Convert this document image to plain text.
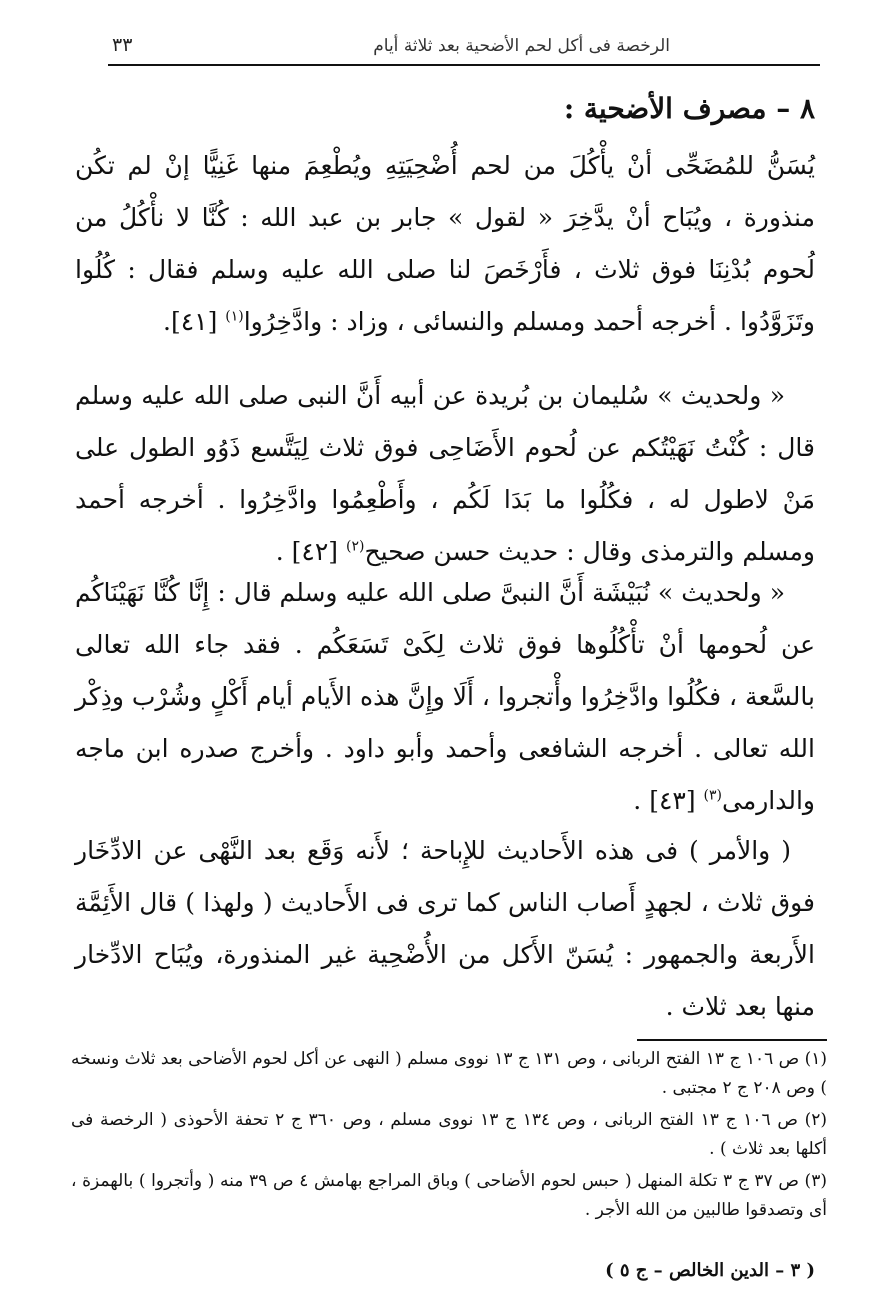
الرخصة فى أكل لحم الأضحية بعد ثلاثة أيام
٣٣
٨ – مصرف الأضحية :

يُسَنُّ للمُضَحِّى أنْ يأْكُلَ من لحم أُضْحِيَتِهِ ويُطْعِمَ منها غَنِيًّا إنْ لم تكُن منذورة ، ويُبَاح أنْ يدَّخِرَ « لقول » جابر بن عبد الله : كُنَّا لا نأْكُلُ من لُحوم بُدْنِنَا فوق ثلاث ، فأَرْخَصَ لنا صلى الله عليه وسلم فقال : كُلُوا وتَزَوَّدُوا . أخرجه أحمد ومسلم والنسائى ، وزاد : وادَّخِرُوا$^{(١)}$ [٤١].

« ولحديث » سُليمان بن بُريدة عن أبيه أَنَّ النبى صلى الله عليه وسلم قال : كُنْتُ نَهَيْتُكم عن لُحوم الأَضَاحِى فوق ثلاث لِيَتَّسع ذَوُو الطول على مَنْ لاطول له ، فكُلُوا ما بَدَا لَكُم ، وأَطْعِمُوا وادَّخِرُوا . أخرجه أحمد ومسلم والترمذى وقال : حديث حسن صحيح$^{(٢)}$ [٤٢] .

« ولحديث » نُبَيْشَة أَنَّ النبىَّ صلى الله عليه وسلم قال : إِنَّا كُنَّا نَهَيْنَاكُم عن لُحومها أنْ تأْكُلُوها فوق ثلاث لِكَىْ تَسَعَكُم . فقد جاء الله تعالى بالسَّعة ، فكُلُوا وادَّخِرُوا وأْتجروا ، أَلَا وإِنَّ هذه الأَيام أيام أَكْلٍ وشُرْب وذِكْر الله تعالى . أخرجه الشافعى وأحمد وأبو داود . وأخرج صدره ابن ماجه والدارمى$^{(٣)}$ [٤٣] .

( والأمر ) فى هذه الأَحاديث للإِباحة ؛ لأَنه وَقَع بعد النَّهْى عن الادِّخَار فوق ثلاث ، لجهدٍ أَصاب الناس كما ترى فى الأَحاديث ( ولهذا ) قال الأَئِمَّة الأَربعة والجمهور : يُسَنّ الأَكل من الأُضْحِية غير المنذورة، ويُبَاح الادِّخار منها بعد ثلاث .

(١) ص ١٠٦ ج ١٣ الفتح الربانى ، وص ١٣١ ج ١٣ نووى مسلم ( النهى عن أكل لحوم الأضاحى بعد ثلاث ونسخه ) وص ٢٠٨ ج ٢ مجتبى .

(٢) ص ١٠٦ ج ١٣ الفتح الربانى ، وص ١٣٤ ج ١٣ نووى مسلم ، وص ٣٦٠ ج ٢ تحفة الأحوذى ( الرخصة فى أكلها بعد ثلاث ) .

(٣) ص ٣٧ ج ٣ تكلة المنهل ( حبس لحوم الأضاحى ) وباق المراجع بهامش ٤ ص ٣٩ منه ( وأتجروا ) بالهمزة ، أى وتصدقوا طالبين من الله الأجر .

( ٣ – الدين الخالص – ج ٥ )
